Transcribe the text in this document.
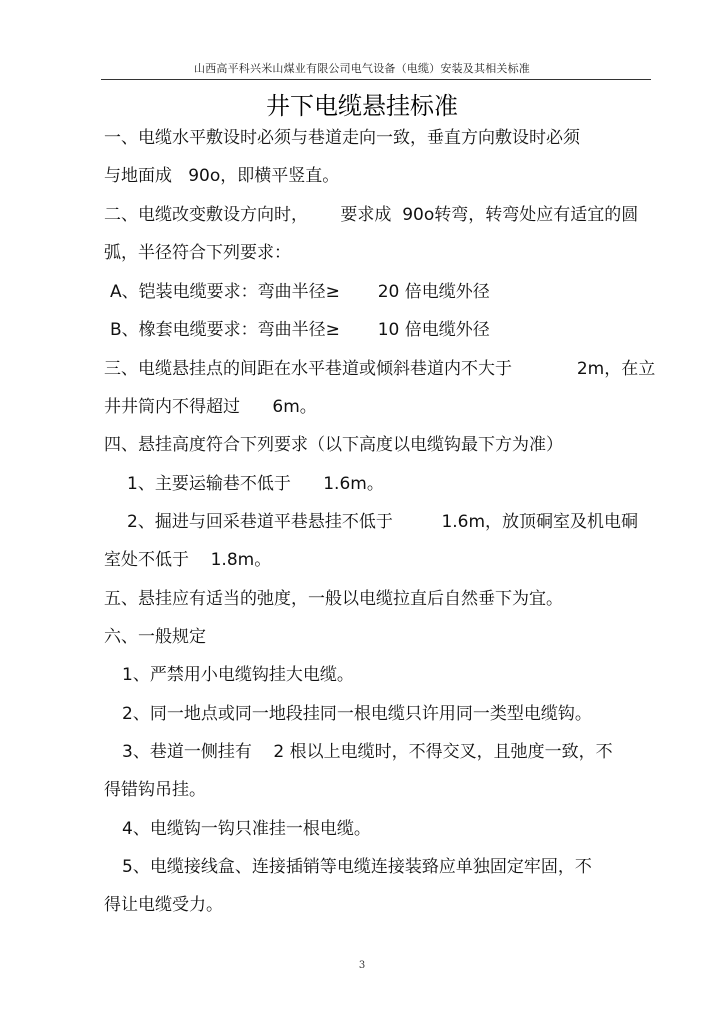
山西高平科兴米山煤业有限公司电气设备（电缆）安装及其相关标准
井下电缆悬挂标准
一、电缆水平敷设时必须与巷道走向一致，垂直方向敷设时必须
与地面成   90o，即横平竖直。
二、电缆改变敷设方向时，      要求成  90o转弯，转弯处应有适宜的圆
弧，半径符合下列要求：
A、铠装电缆要求：弯曲半径≥       20 倍电缆外径
B、橡套电缆要求：弯曲半径≥       10 倍电缆外径
三、电缆悬挂点的间距在水平巷道或倾斜巷道内不大于            2m，在立
井井筒内不得超过      6m。
四、悬挂高度符合下列要求（以下高度以电缆钩最下方为准）
1、主要运输巷不低于      1.6m。
2、掘进与回采巷道平巷悬挂不低于         1.6m，放顶硐室及机电硐
室处不低于    1.8m。
五、悬挂应有适当的弛度，一般以电缆拉直后自然垂下为宜。
六、一般规定
1、严禁用小电缆钩挂大电缆。
2、同一地点或同一地段挂同一根电缆只许用同一类型电缆钩。
3、巷道一侧挂有    2 根以上电缆时，不得交叉，且弛度一致，不
得错钩吊挂。
4、电缆钩一钩只准挂一根电缆。
5、电缆接线盒、连接插销等电缆连接装臵应单独固定牢固，不
得让电缆受力。
3
